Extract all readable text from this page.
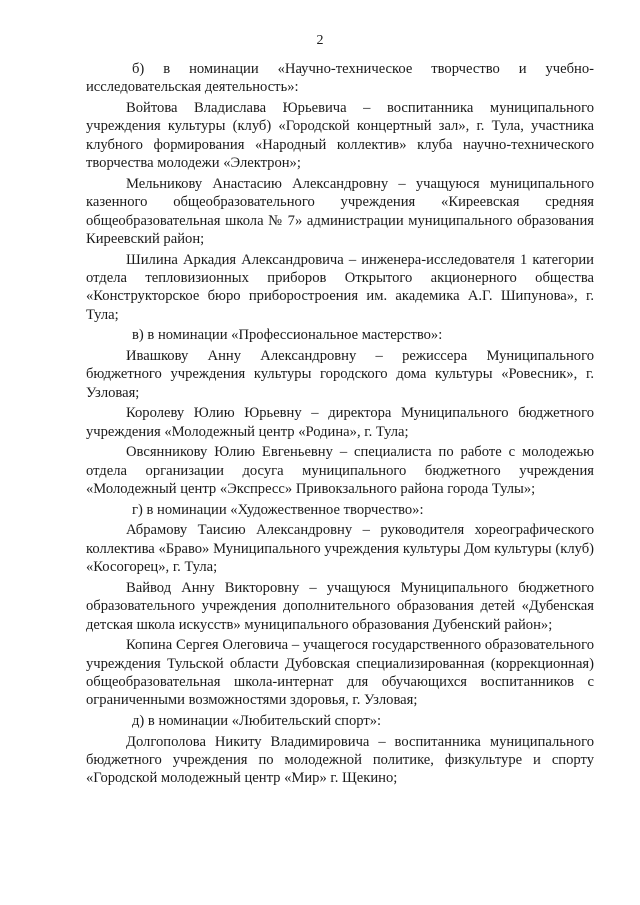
2

б) в номинации «Научно-техническое творчество и учебно-исследовательская деятельность»:

Войтова Владислава Юрьевича – воспитанника муниципального учреждения культуры (клуб) «Городской концертный зал», г. Тула, участника клубного формирования «Народный коллектив» клуба научно-технического творчества молодежи «Электрон»;

Мельникову Анастасию Александровну – учащуюся муниципального казенного общеобразовательного учреждения «Киреевская средняя общеобразовательная школа № 7» администрации муниципального образования Киреевский район;

Шилина Аркадия Александровича – инженера-исследователя 1 категории отдела тепловизионных приборов Открытого акционерного общества «Конструкторское бюро приборостроения им. академика А.Г. Шипунова», г. Тула;

в) в номинации «Профессиональное мастерство»:

Ивашкову Анну Александровну – режиссера Муниципального бюджетного учреждения культуры городского дома культуры «Ровесник», г. Узловая;

Королеву Юлию Юрьевну – директора Муниципального бюджетного учреждения «Молодежный центр «Родина», г. Тула;

Овсянникову Юлию Евгеньевну – специалиста по работе с молодежью отдела организации досуга муниципального бюджетного учреждения «Молодежный центр «Экспресс» Привокзального района города Тулы»;

г) в номинации «Художественное творчество»:

Абрамову Таисию Александровну – руководителя хореографического коллектива «Браво» Муниципального учреждения культуры Дом культуры (клуб) «Косогорец», г. Тула;

Вайвод Анну Викторовну – учащуюся Муниципального бюджетного образовательного учреждения дополнительного образования детей «Дубенская детская школа искусств» муниципального образования Дубенский район»;

Копина Сергея Олеговича – учащегося государственного образовательного учреждения Тульской области Дубовская специализированная (коррекционная) общеобразовательная школа-интернат для обучающихся воспитанников с ограниченными возможностями здоровья, г. Узловая;

д) в номинации «Любительский спорт»:

Долгополова Никиту Владимировича – воспитанника муниципального бюджетного учреждения по молодежной политике, физкультуре и спорту «Городской молодежный центр «Мир» г. Щекино;
